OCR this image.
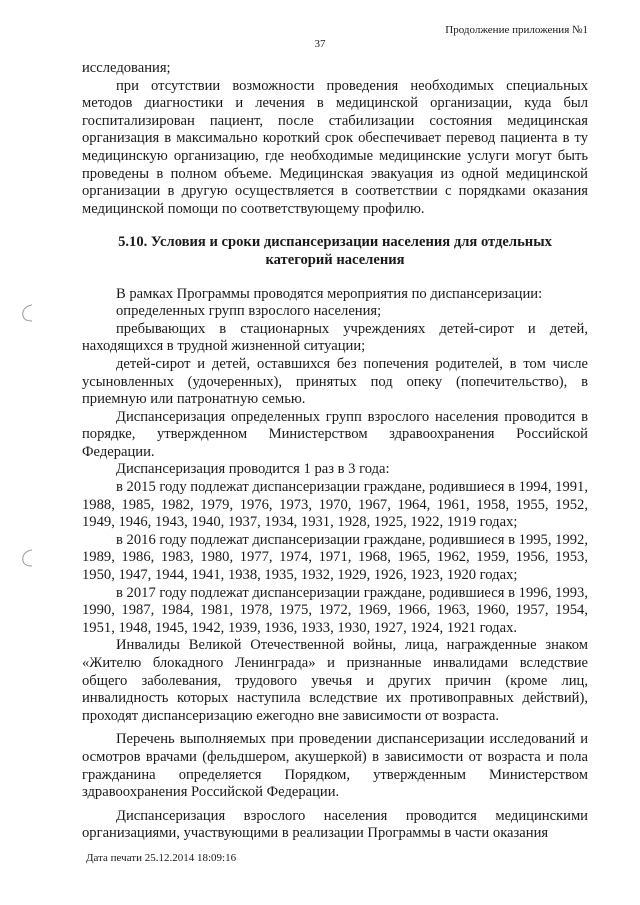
Продолжение приложения №1
37

исследования;

при отсутствии возможности проведения необходимых специальных методов диагностики и лечения в медицинской организации, куда был госпитализирован пациент, после стабилизации состояния медицинская организация в максимально короткий срок обеспечивает перевод пациента в ту медицинскую организацию, где необходимые медицинские услуги могут быть проведены в полном объеме. Медицинская эвакуация из одной медицинской организации в другую осуществляется в соответствии с порядками оказания медицинской помощи по соответствующему профилю.

5.10. Условия и сроки диспансеризации населения для отдельных
категорий населения

В рамках Программы проводятся мероприятия по диспансеризации:

определенных групп взрослого населения;

пребывающих в стационарных учреждениях детей-сирот и детей, находящихся в трудной жизненной ситуации;

детей-сирот и детей, оставшихся без попечения родителей, в том числе усыновленных (удочеренных), принятых под опеку (попечительство), в приемную или патронатную семью.

Диспансеризация определенных групп взрослого населения проводится в порядке, утвержденном Министерством здравоохранения Российской Федерации.

Диспансеризация проводится 1 раз в 3 года:

в 2015 году подлежат диспансеризации граждане, родившиеся в 1994, 1991, 1988, 1985, 1982, 1979, 1976, 1973, 1970, 1967, 1964, 1961, 1958, 1955, 1952, 1949, 1946, 1943, 1940, 1937, 1934, 1931, 1928, 1925, 1922, 1919 годах;

в 2016 году подлежат диспансеризации граждане, родившиеся в 1995, 1992, 1989, 1986, 1983, 1980, 1977, 1974, 1971, 1968, 1965, 1962, 1959, 1956, 1953, 1950, 1947, 1944, 1941, 1938, 1935, 1932, 1929, 1926, 1923, 1920 годах;

в 2017 году подлежат диспансеризации граждане, родившиеся в 1996, 1993, 1990, 1987, 1984, 1981, 1978, 1975, 1972, 1969, 1966, 1963, 1960, 1957, 1954, 1951, 1948, 1945, 1942, 1939, 1936, 1933, 1930, 1927, 1924, 1921 годах.

Инвалиды Великой Отечественной войны, лица, награжденные знаком «Жителю блокадного Ленинграда» и признанные инвалидами вследствие общего заболевания, трудового увечья и других причин (кроме лиц, инвалидность которых наступила вследствие их противоправных действий), проходят диспансеризацию ежегодно вне зависимости от возраста.

Перечень выполняемых при проведении диспансеризации исследований и осмотров врачами (фельдшером, акушеркой) в зависимости от возраста и пола гражданина определяется Порядком, утвержденным Министерством здравоохранения Российской Федерации.

Диспансеризация взрослого населения проводится медицинскими организациями, участвующими в реализации Программы в части оказания

Дата печати 25.12.2014 18:09:16
